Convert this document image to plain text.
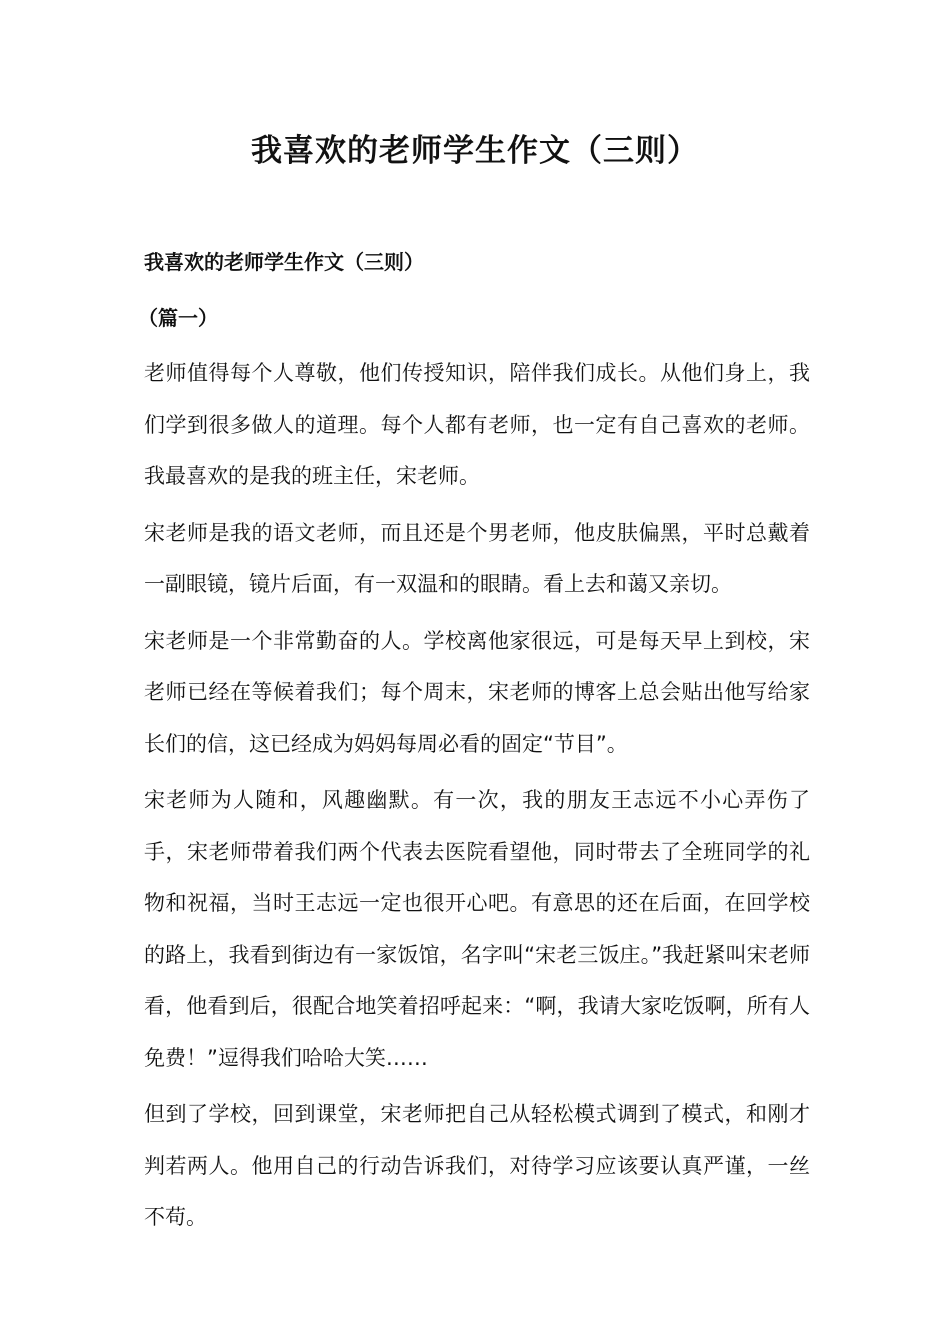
我喜欢的老师学生作文（三则）
我喜欢的老师学生作文（三则）
（篇一）

老师值得每个人尊敬，他们传授知识，陪伴我们成长。从他们身上，我们学到很多做人的道理。每个人都有老师，也一定有自己喜欢的老师。我最喜欢的是我的班主任，宋老师。

宋老师是我的语文老师，而且还是个男老师，他皮肤偏黑，平时总戴着一副眼镜，镜片后面，有一双温和的眼睛。看上去和蔼又亲切。

宋老师是一个非常勤奋的人。学校离他家很远，可是每天早上到校，宋老师已经在等候着我们；每个周末，宋老师的博客上总会贴出他写给家长们的信，这已经成为妈妈每周必看的固定“节目”。

宋老师为人随和，风趣幽默。有一次，我的朋友王志远不小心弄伤了手，宋老师带着我们两个代表去医院看望他，同时带去了全班同学的礼物和祝福，当时王志远一定也很开心吧。有意思的还在后面，在回学校的路上，我看到街边有一家饭馆，名字叫“宋老三饭庄。”我赶紧叫宋老师看，他看到后，很配合地笑着招呼起来：“啊，我请大家吃饭啊，所有人免费！”逗得我们哈哈大笑……

但到了学校，回到课堂，宋老师把自己从轻松模式调到了模式，和刚才判若两人。他用自己的行动告诉我们，对待学习应该要认真严谨，一丝不苟。
